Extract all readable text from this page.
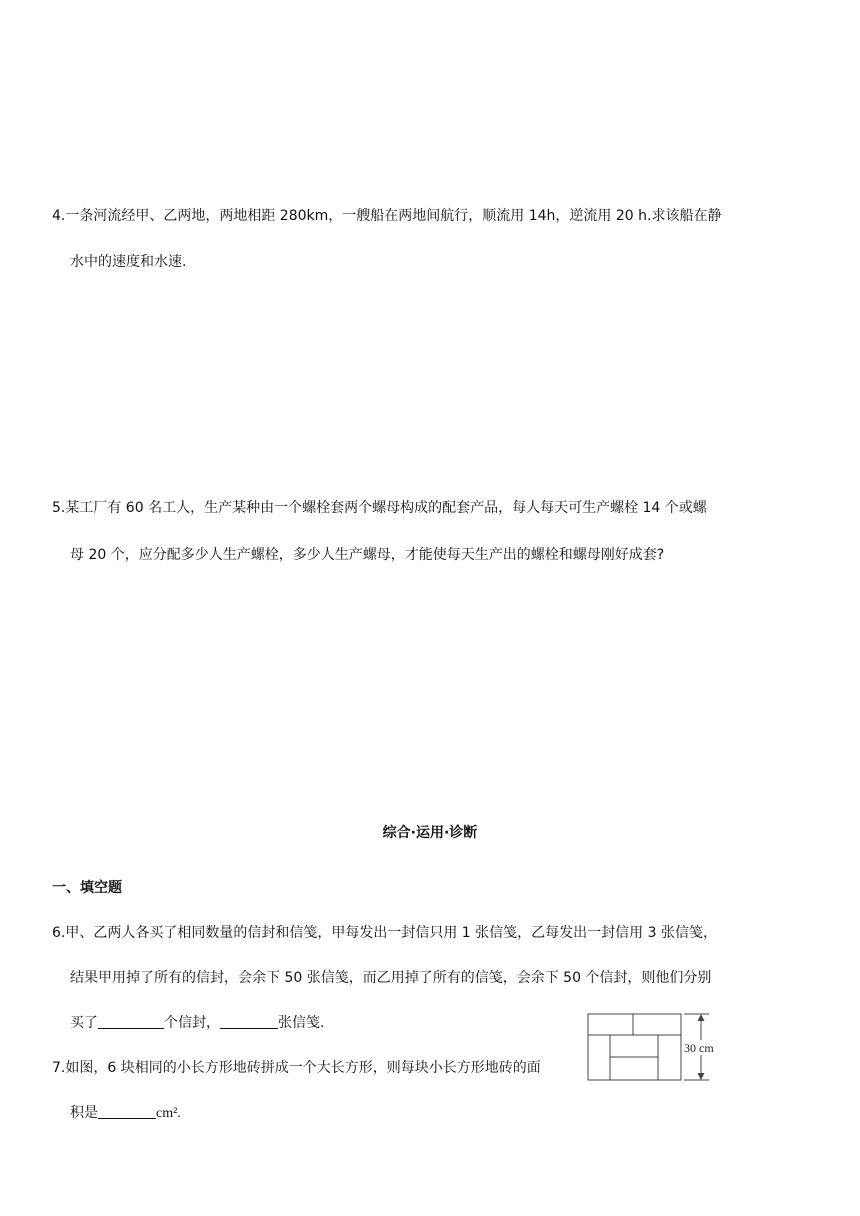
4.一条河流经甲、乙两地，两地相距 280km，一艘船在两地间航行，顺流用 14h，逆流用 20 h.求该船在静
水中的速度和水速.
5.某工厂有 60 名工人，生产某种由一个螺栓套两个螺母构成的配套产品，每人每天可生产螺栓 14 个或螺
母 20 个，应分配多少人生产螺栓，多少人生产螺母，才能使每天生产出的螺栓和螺母刚好成套?
综合·运用·诊断
一、填空题
6.甲、乙两人各买了相同数量的信封和信笺，甲每发出一封信只用 1 张信笺，乙每发出一封信用 3 张信笺，
结果甲用掉了所有的信封，会余下 50 张信笺，而乙用掉了所有的信笺，会余下 50 个信封，则他们分别
买了	个信封，	张信笺.
7.如图，6 块相同的小长方形地砖拼成一个大长方形，则每块小长方形地砖的面
积是	cm².
30 cm
